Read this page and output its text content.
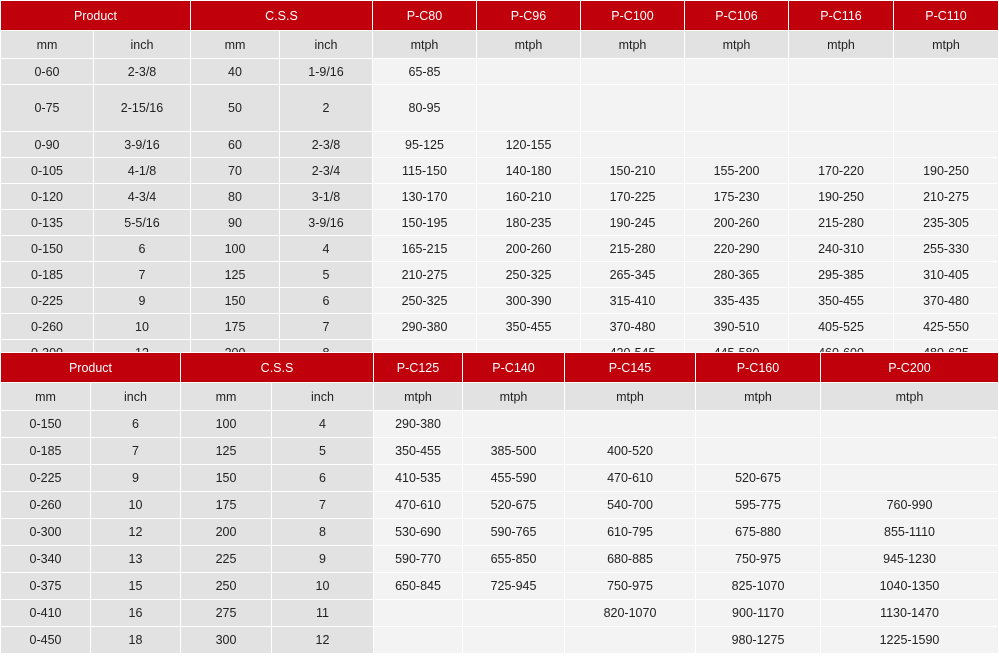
Product		C.S.S		P-C80	P-C96	P-C100	P-C106	P-C116	P-C110
mm	inch	mm	inch	mtph	mtph	mtph	mtph	mtph	mtph
0-60	2-3/8	40	1-9/16	65-85					
0-75	2-15/16	50	2	80-95					
0-90	3-9/16	60	2-3/8	95-125	120-155				
0-105	4-1/8	70	2-3/4	115-150	140-180	150-210	155-200	170-220	190-250
0-120	4-3/4	80	3-1/8	130-170	160-210	170-225	175-230	190-250	210-275
0-135	5-5/16	90	3-9/16	150-195	180-235	190-245	200-260	215-280	235-305
0-150	6	100	4	165-215	200-260	215-280	220-290	240-310	255-330
0-185	7	125	5	210-275	250-325	265-345	280-365	295-385	310-405
0-225	9	150	6	250-325	300-390	315-410	335-435	350-455	370-480
0-260	10	175	7	290-380	350-455	370-480	390-510	405-525	425-550

Product		C.S.S		P-C125	P-C140	P-C145	P-C160	P-C200
mm	inch	mm	inch	mtph	mtph	mtph	mtph	mtph
0-150	6	100	4	290-380				
0-185	7	125	5	350-455	385-500	400-520		
0-225	9	150	6	410-535	455-590	470-610	520-675	
0-260	10	175	7	470-610	520-675	540-700	595-775	760-990
0-300	12	200	8	530-690	590-765	610-795	675-880	855-1110
0-340	13	225	9	590-770	655-850	680-885	750-975	945-1230
0-375	15	250	10	650-845	725-945	750-975	825-1070	1040-1350
0-410	16	275	11			820-1070	900-1170	1130-1470
0-450	18	300	12				980-1275	1225-1590
